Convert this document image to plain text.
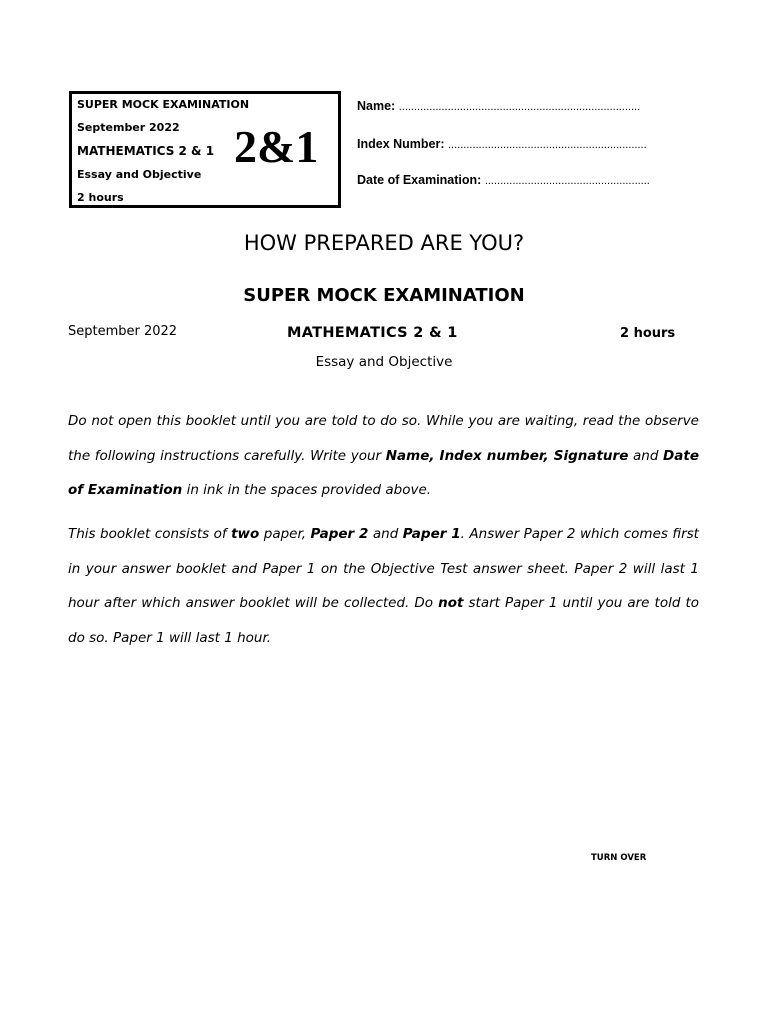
SUPER MOCK EXAMINATION
September 2022
MATHEMATICS 2 & 1
Essay and Objective
2 hours
2&1
Name: ...............................................................................
Index Number: .................................................................
Date of Examination: ......................................................
HOW PREPARED ARE YOU?
SUPER MOCK EXAMINATION
September 2022	MATHEMATICS 2 & 1	2 hours
Essay and Objective

Do not open this booklet until you are told to do so. While you are waiting, read the observe the following instructions carefully. Write your Name, Index number, Signature and Date of Examination in ink in the spaces provided above.

This booklet consists of two paper, Paper 2 and Paper 1. Answer Paper 2 which comes first in your answer booklet and Paper 1 on the Objective Test answer sheet. Paper 2 will last 1 hour after which answer booklet will be collected. Do not start Paper 1 until you are told to do so. Paper 1 will last 1 hour.

TURN OVER
